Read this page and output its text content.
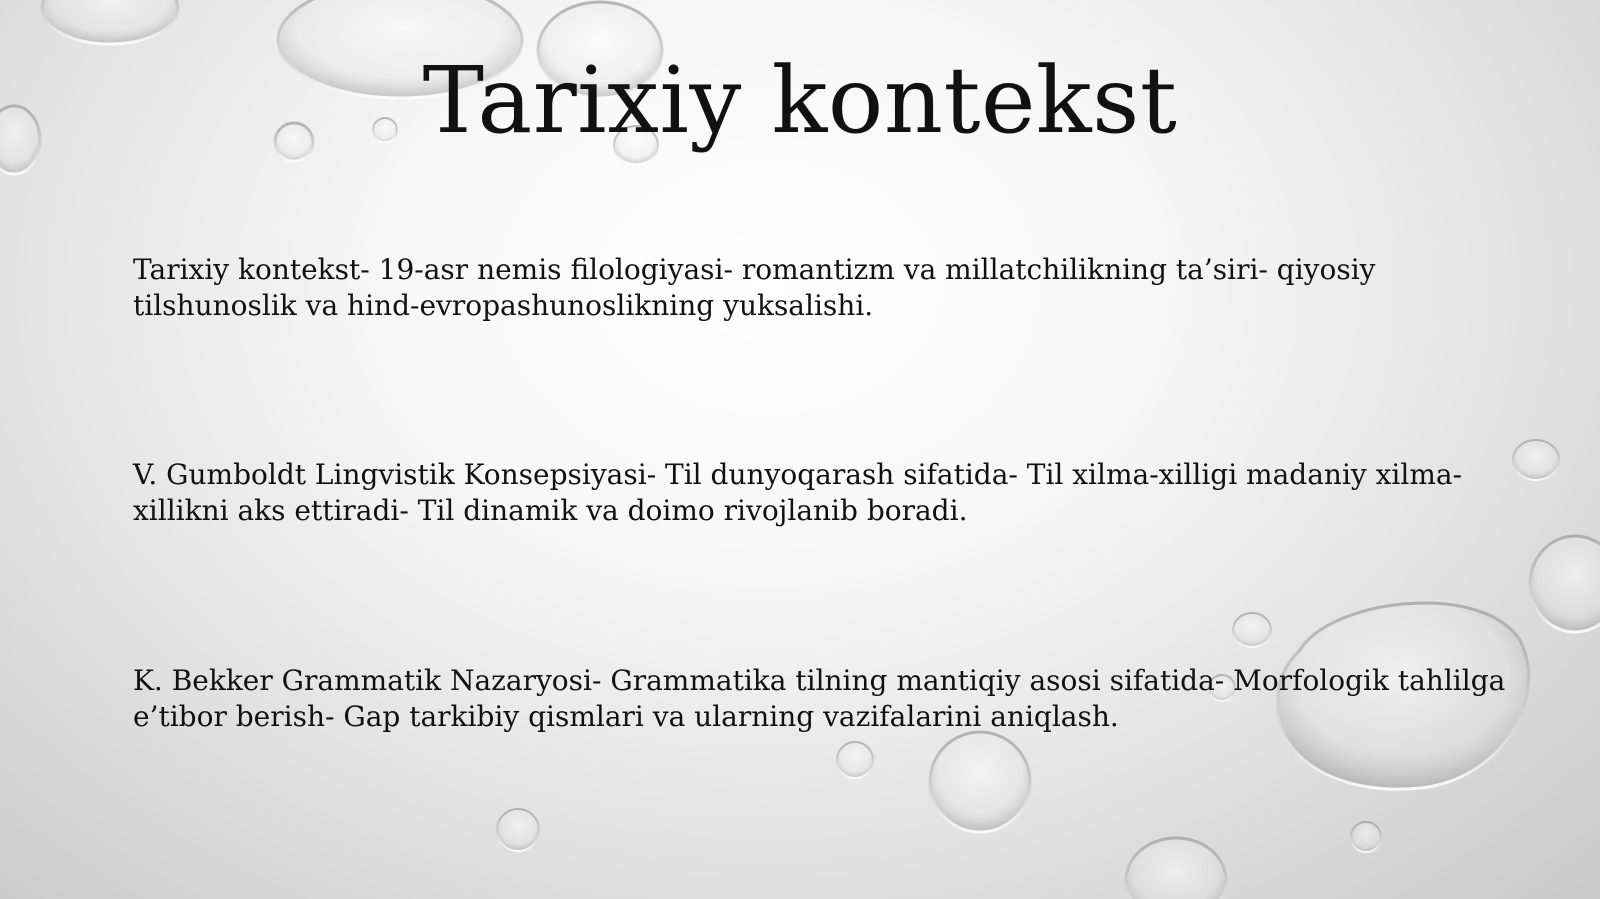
Tarixiy kontekst

Tarixiy kontekst- 19-asr nemis filologiyasi- romantizm va millatchilikning ta’siri- qiyosiy tilshunoslik va hind-evropashunoslikning yuksalishi.

V. Gumboldt Lingvistik Konsepsiyasi- Til dunyoqarash sifatida- Til xilma-xilligi madaniy xilma-xillikni aks ettiradi- Til dinamik va doimo rivojlanib boradi.

K. Bekker Grammatik Nazaryosi- Grammatika tilning mantiqiy asosi sifatida- Morfologik tahlilga e’tibor berish- Gap tarkibiy qismlari va ularning vazifalarini aniqlash.
